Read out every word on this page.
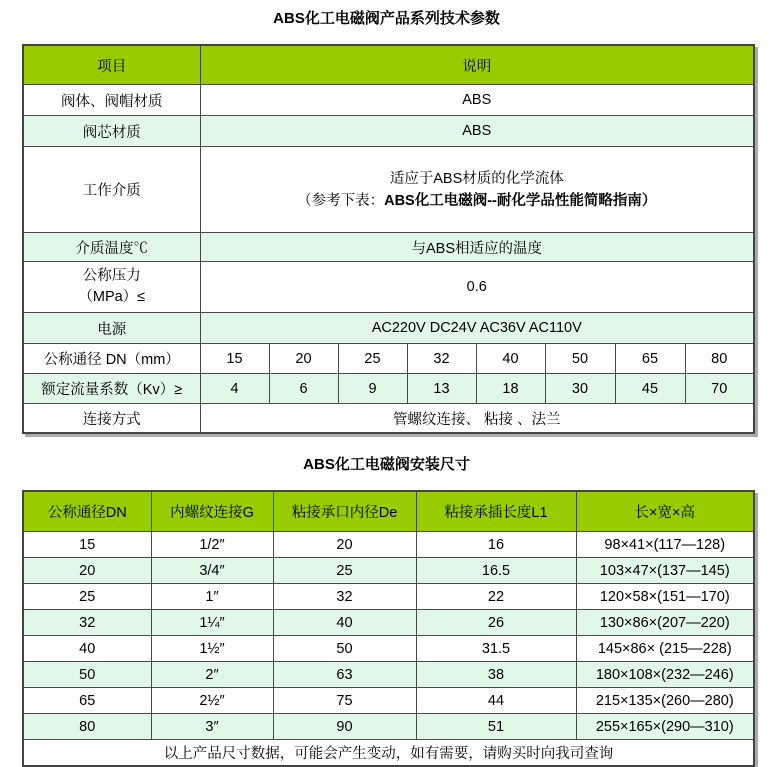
ABS化工电磁阀产品系列技术参数
项目	说明							
阀体、阀帽材质	ABS							
阀芯材质	ABS							
工作介质	适应于ABS材质的化学流体
（参考下表：ABS化工电磁阀--耐化学品性能简略指南）							

介质温度℃	与ABS相适应的温度							

公称压力
（MPa）≤	0.6							
电源	AC220V DC24V AC36V AC110V							
公称通径 DN（mm）	15	20	25	32	40	50	65	80
额定流量系数（Kv）≥	4	6	9	13	18	30	45	70
连接方式	管螺纹连接、 粘接 、法兰							
ABS化工电磁阀安装尺寸
公称通径DN	内螺纹连接G	粘接承口内径De	粘接承插长度L1	长×宽×高
15	1/2″	20	16	98×41×(117—128)
20	3/4″	25	16.5	103×47×(137—145)
25	1″	32	22	120×58×(151—170)
32	1¼″	40	26	130×86×(207—220)
40	1½″	50	31.5	145×86× (215—228)
50	2″	63	38	180×108×(232—246)
65	2½″	75	44	215×135×(260—280)
80	3″	90	51	255×165×(290—310)
以上产品尺寸数据，可能会产生变动，如有需要，请购买时向我司查询				
